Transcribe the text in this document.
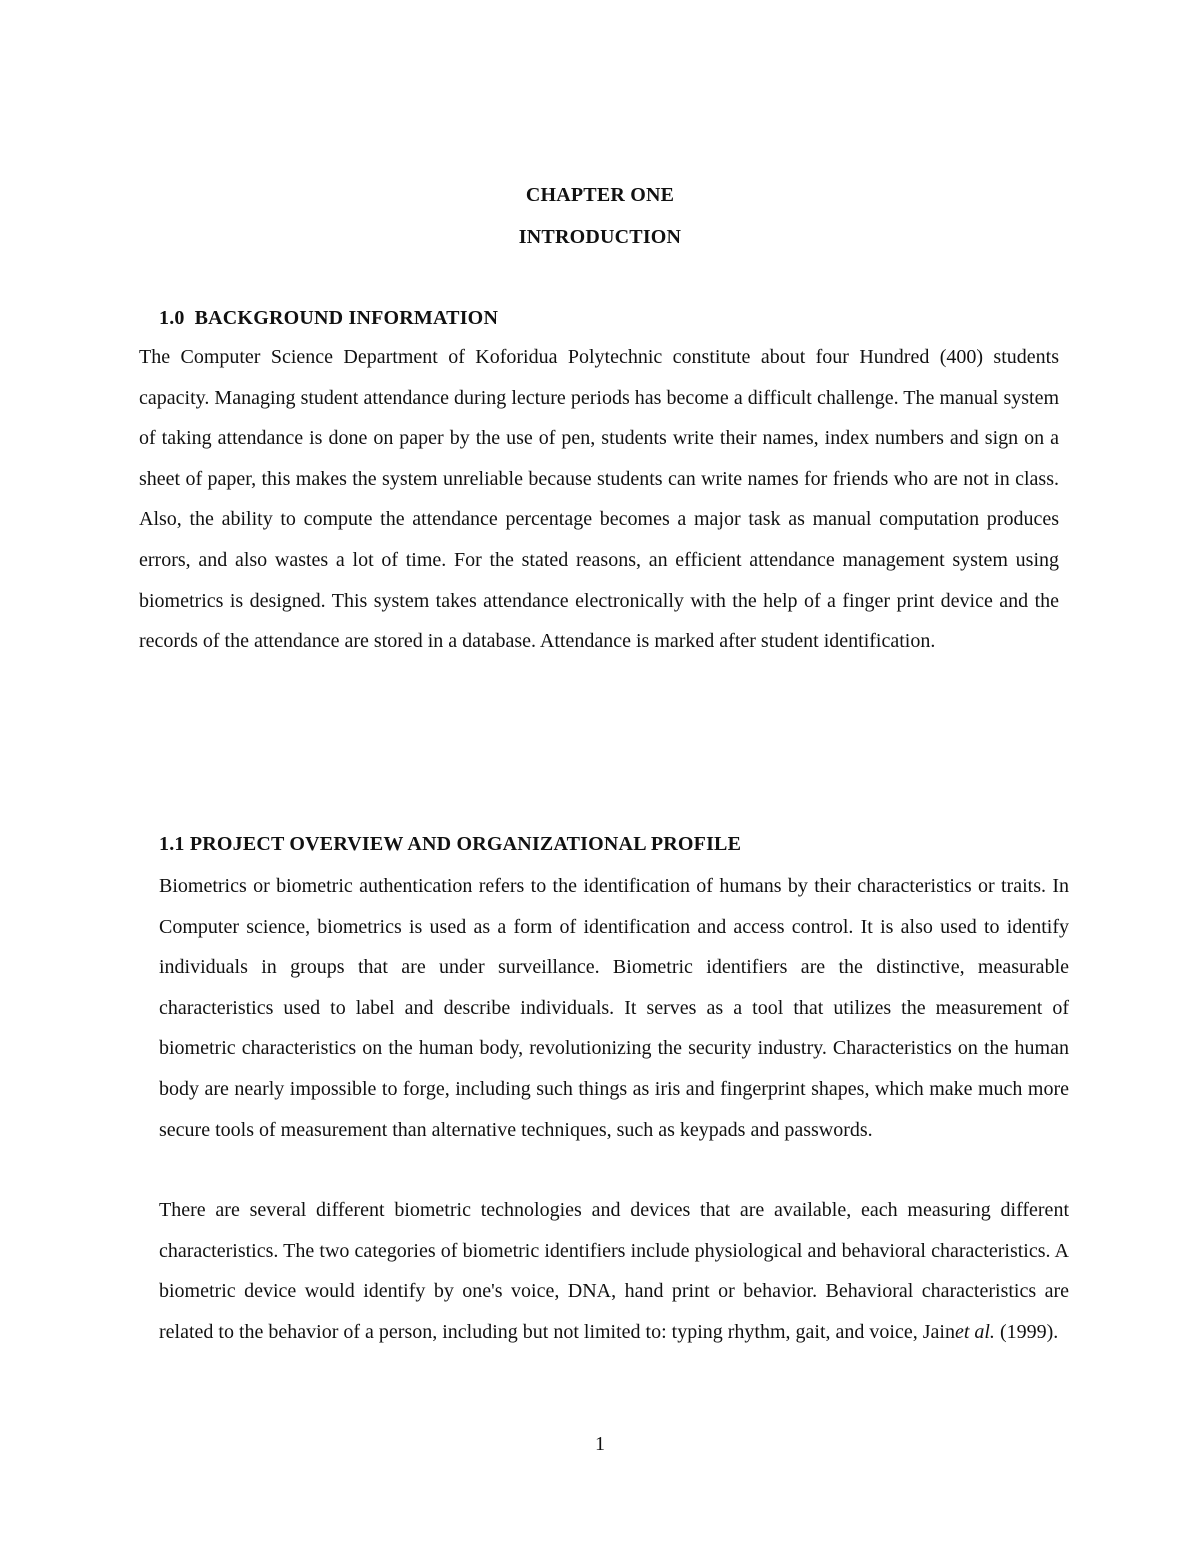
CHAPTER ONE
INTRODUCTION
1.0 BACKGROUND INFORMATION

The Computer Science Department of Koforidua Polytechnic constitute about four Hundred (400) students capacity. Managing student attendance during lecture periods has become a difficult challenge. The manual system of taking attendance is done on paper by the use of pen, students write their names, index numbers and sign on a sheet of paper, this makes the system unreliable because students can write names for friends who are not in class. Also, the ability to compute the attendance percentage becomes a major task as manual computation produces errors, and also wastes a lot of time. For the stated reasons, an efficient attendance management system using biometrics is designed. This system takes attendance electronically with the help of a finger print device and the records of the attendance are stored in a database. Attendance is marked after student identification.

1.1 PROJECT OVERVIEW AND ORGANIZATIONAL PROFILE

Biometrics or biometric authentication refers to the identification of humans by their characteristics or traits. In Computer science, biometrics is used as a form of identification and access control. It is also used to identify individuals in groups that are under surveillance. Biometric identifiers are the distinctive, measurable characteristics used to label and describe individuals. It serves as a tool that utilizes the measurement of biometric characteristics on the human body, revolutionizing the security industry. Characteristics on the human body are nearly impossible to forge, including such things as iris and fingerprint shapes, which make much more secure tools of measurement than alternative techniques, such as keypads and passwords.

There are several different biometric technologies and devices that are available, each measuring different characteristics. The two categories of biometric identifiers include physiological and behavioral characteristics. A biometric device would identify by one's voice, DNA, hand print or behavior. Behavioral characteristics are related to the behavior of a person, including but not limited to: typing rhythm, gait, and voice, Jainet al. (1999).

1
